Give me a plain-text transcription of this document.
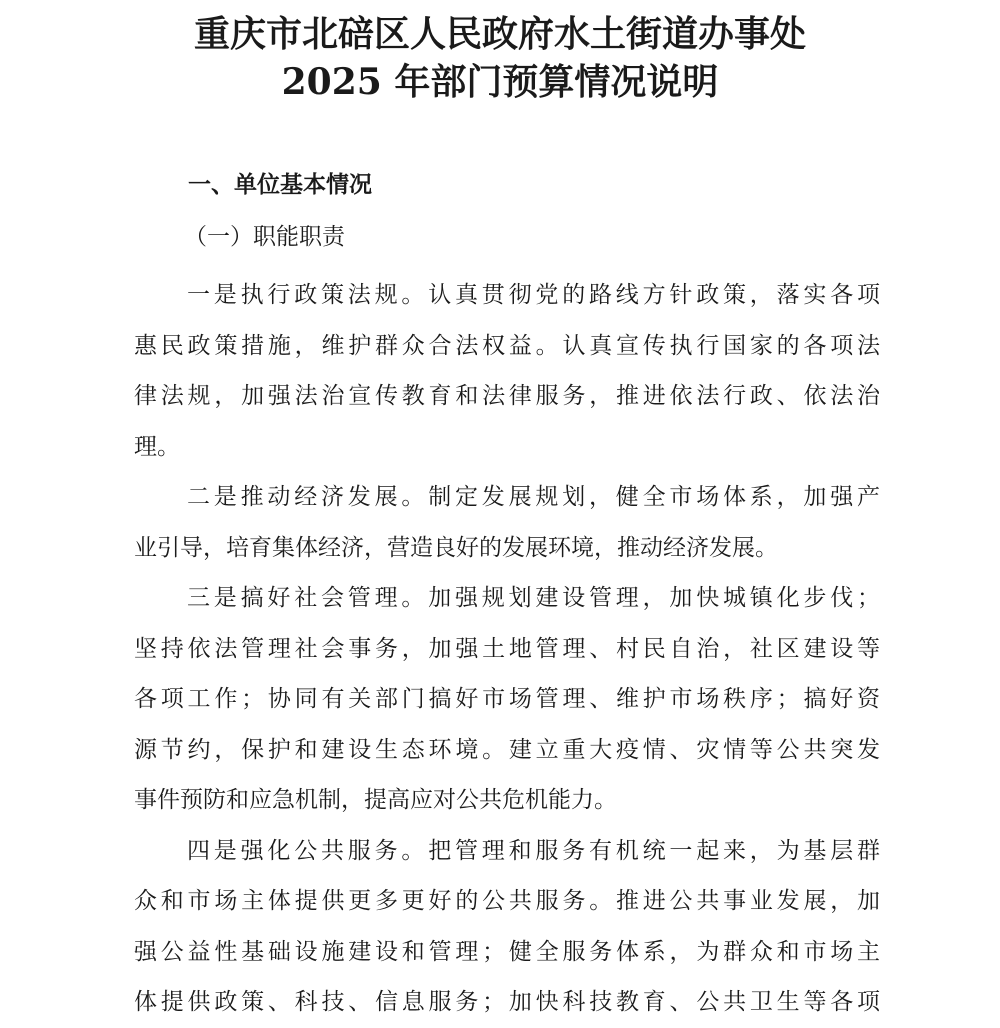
重庆市北碚区人民政府水土街道办事处
2025 年部门预算情况说明
一、单位基本情况
（一）职能职责

一是执行政策法规。认真贯彻党的路线方针政策，落实各项
惠民政策措施，维护群众合法权益。认真宣传执行国家的各项法
律法规，加强法治宣传教育和法律服务，推进依法行政、依法治
理。

二是推动经济发展。制定发展规划，健全市场体系，加强产
业引导，培育集体经济，营造良好的发展环境，推动经济发展。

三是搞好社会管理。加强规划建设管理，加快城镇化步伐；
坚持依法管理社会事务，加强土地管理、村民自治，社区建设等
各项工作；协同有关部门搞好市场管理、维护市场秩序；搞好资
源节约，保护和建设生态环境。建立重大疫情、灾情等公共突发
事件预防和应急机制，提高应对公共危机能力。

四是强化公共服务。把管理和服务有机统一起来，为基层群
众和市场主体提供更多更好的公共服务。推进公共事业发展，加
强公益性基础设施建设和管理；健全服务体系，为群众和市场主
体提供政策、科技、信息服务；加快科技教育、公共卫生等各项
